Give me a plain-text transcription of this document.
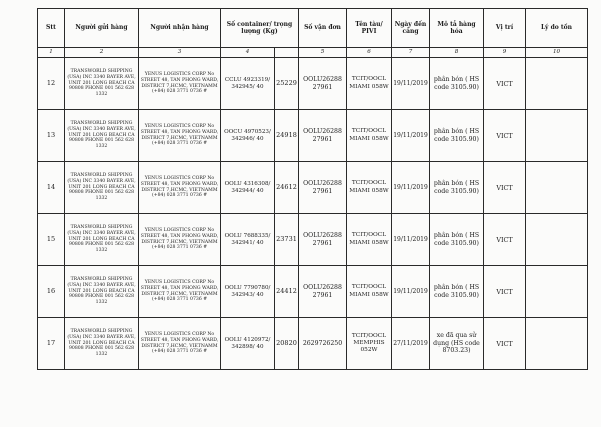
Stt	Người gửi hàng	Người nhận hàng	Số container/ trọng lượng (Kg)		Số vận đơn	Tên tàu/ PIVI	Ngày đến cảng	Mô tả hàng hóa	Vị trí	Lý do tồn
1	2	3	4		5	6	7	8	9	10
12	TRANSWORLD SHIPPING (USA) INC 3340 BAYER AVE, UNIT 201 LONG BEACH CA 90808 PHONE 001 562 628 1332	YENUS LOGISTICS CORP No STREET 48, TAN PHONG WARD, DISTRICT 7,HCMC, VIETNAMM (+84) 028 3771 0736 #	CCLU 4923319/ 342945/ 40	25229	OOLU26288 27961	TCIT/OOCL MIAMI 058W	19/11/2019	phân bón ( HS code 3105.90)	VICT	
13	TRANSWORLD SHIPPING (USA) INC 3340 BAYER AVE, UNIT 201 LONG BEACH CA 90808 PHONE 001 562 628 1332	YENUS LOGISTICS CORP No STREET 48, TAN PHONG WARD, DISTRICT 7,HCMC, VIETNAMM (+84) 028 3771 0736 #	OOCU 4970523/ 342946/ 40	24918	OOLU26288 27961	TCIT/OOCL MIAMI 058W	19/11/2019	phân bón ( HS code 3105.90)	VICT	
14	TRANSWORLD SHIPPING (USA) INC 3340 BAYER AVE, UNIT 201 LONG BEACH CA 90808 PHONE 001 562 628 1332	YENUS LOGISTICS CORP No STREET 48, TAN PHONG WARD, DISTRICT 7,HCMC, VIETNAMM (+84) 028 3771 0736 #	OOLU 4316308/ 342944/ 40	24612	OOLU26288 27961	TCIT/OOCL MIAMI 058W	19/11/2019	phân bón ( HS code 3105.90)	VICT	
15	TRANSWORLD SHIPPING (USA) INC 3340 BAYER AVE, UNIT 201 LONG BEACH CA 90808 PHONE 001 562 628 1332	YENUS LOGISTICS CORP No STREET 48, TAN PHONG WARD, DISTRICT 7,HCMC, VIETNAMM (+84) 028 3771 0736 #	OOLU 7688335/ 342941/ 40	23731	OOLU26288 27961	TCIT/OOCL MIAMI 058W	19/11/2019	phân bón ( HS code 3105.90)	VICT	
16	TRANSWORLD SHIPPING (USA) INC 3340 BAYER AVE, UNIT 201 LONG BEACH CA 90808 PHONE 001 562 628 1332	YENUS LOGISTICS CORP No STREET 48, TAN PHONG WARD, DISTRICT 7,HCMC, VIETNAMM (+84) 028 3771 0736 #	OOLU 7790780/ 342943/ 40	24412	OOLU26288 27961	TCIT/OOCL MIAMI 058W	19/11/2019	phân bón ( HS code 3105.90)	VICT	
17	TRANSWORLD SHIPPING (USA) INC 3340 BAYER AVE, UNIT 201 LONG BEACH CA 90808 PHONE 001 562 628 1332	YENUS LOGISTICS CORP No STREET 48, TAN PHONG WARD, DISTRICT 7,HCMC, VIETNAMM (+84) 028 3771 0736 #	OOLU 4120972/ 342898/ 40	20820	2629726250	TCIT/OOCL MEMPHIS 052W	27/11/2019	xe đã qua sử dụng (HS code 8703.23)	VICT	
